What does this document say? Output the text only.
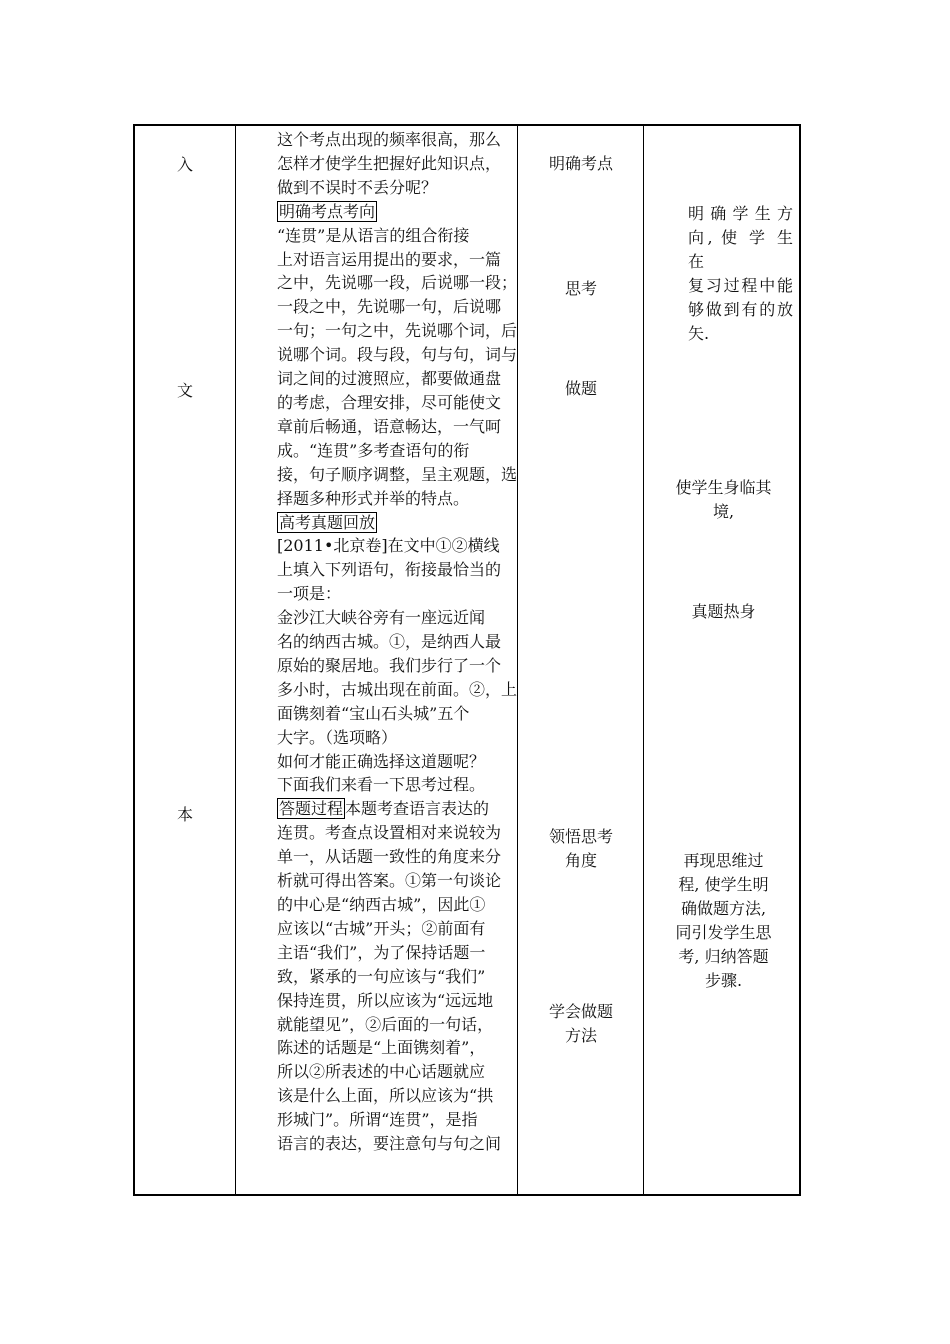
入
文
本
这个考点出现的频率很高，那么
怎样才使学生把握好此知识点，
做到不误时不丢分呢？
明确考点考向
“连贯”是从语言的组合衔接
上对语言运用提出的要求，一篇
之中，先说哪一段，后说哪一段；
一段之中，先说哪一句，后说哪
一句；一句之中，先说哪个词，后
说哪个词。段与段，句与句，词与
词之间的过渡照应，都要做通盘
的考虑，合理安排，尽可能使文
章前后畅通，语意畅达，一气呵
成。“连贯”多考查语句的衔
接，句子顺序调整，呈主观题，选
择题多种形式并举的特点。
高考真题回放
[2011•北京卷]在文中①②横线
上填入下列语句，衔接最恰当的
一项是：
金沙江大峡谷旁有一座远近闻
名的纳西古城。①，是纳西人最
原始的聚居地。我们步行了一个
多小时，古城出现在前面。②，上
面镌刻着“宝山石头城”五个
大字。（选项略）
如何才能正确选择这道题呢？
下面我们来看一下思考过程。
答题过程 本题考查语言表达的
连贯。考查点设置相对来说较为
单一，从话题一致性的角度来分
析就可得出答案。①第一句谈论
的中心是“纳西古城”，因此①
应该以“古城”开头；②前面有
主语“我们”，为了保持话题一
致，紧承的一句应该与“我们”
保持连贯，所以应该为“远远地
就能望见”，②后面的一句话，
陈述的话题是“上面镌刻着”，
所以②所表述的中心话题就应
该是什么上面，所以应该为“拱
形城门”。所谓“连贯”，是指
语言的表达，要注意句与句之间
明确考点
思考
做题
领悟思考
角度
学会做题
方法
明 确 学 生 方
向, 使 学 生 在
复习过程中能
够做到有的放
矢.
使学生身临其
境,
真题热身
再现思维过
程, 使学生明
确做题方法,
同引发学生思
考, 归纳答题
步骤.
